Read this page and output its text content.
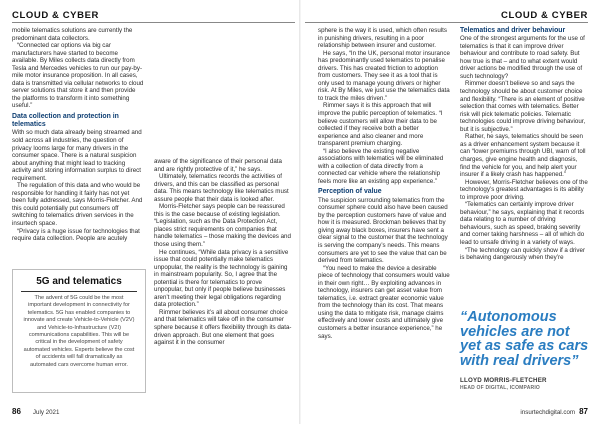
CLOUD & CYBER	CLOUD & CYBER

mobile telematics solutions are currently the predominant data collectors.

“Connected car options via big car manufacturers have started to become available. By Miles collects data directly from Tesla and Mercedes vehicles to run our pay-by-mile motor insurance proposition. In all cases, data is transmitted via cellular networks to cloud server solutions that store it and then provide the platforms to transform it into something useful.”

Data collection and protection in telematics

With so much data already being streamed and sold across all industries, the question of privacy looms large for many drivers in the consumer space. There is a natural suspicion about anything that might lead to tracking activity and storing information surplus to direct requirement.

The regulation of this data and who would be responsible for handling it fairly has not yet been fully addressed, says Morris-Fletcher. And this could potentially put consumers off switching to telematics driven services in the insurtech space.

“Privacy is a huge issue for technologies that require data collection. People are acutely

5G and telematics

The advent of 5G could be the most important development in connectivity for telematics. 5G has enabled companies to innovate and create Vehicle-to-Vehicle (V2V) and Vehicle-to-Infrastructure (V2I) communications capabilities. This will be critical in the development of safety automated vehicles. Experts believe the cost of accidents will fall dramatically as automated cars overcome human error.

aware of the significance of their personal data and are rightly protective of it,” he says.

Ultimately, telematics records the activities of drivers, and this can be classified as personal data. This means technology like telematics must assure people that their data is looked after.

Morris-Fletcher says people can be reassured this is the case because of existing legislation. “Legislation, such as the Data Protection Act, places strict requirements on companies that handle telematics – those making the devices and those using them.”

He continues, “While data privacy is a sensitive issue that could potentially make telematics unpopular, the reality is the technology is gaining in mainstream popularity. So, I agree that the potential is there for telematics to prove unpopular, but only if people believe businesses aren’t meeting their legal obligations regarding data protection.”

Rimmer believes it’s all about consumer choice and that telematics will take off in the consumer sphere because it offers flexibility through its data-driven approach. But one element that goes against it in the consumer

sphere is the way it is used, which often results in punishing drivers, resulting in a poor relationship between insurer and customer.

He says, “In the UK, personal motor insurance has predominantly used telematics to penalise drivers. This has created friction to adoption from customers. They see it as a tool that is only used to manage young drivers or higher risk. At By Miles, we just use the telematics data to track the miles driven.”

Rimmer says it is this approach that will improve the public perception of telematics. “I believe customers will allow their data to be collected if they receive both a better experience and also cleaner and more transparent premium charging.

“I also believe the existing negative associations with telematics will be eliminated with a collection of data directly from a connected car vehicle where the relationship feels more like an existing app experience.”

Perception of value

The suspicion surrounding telematics from the consumer sphere could also have been caused by the perception customers have of value and how it is measured. Brockman believes that by giving away black boxes, insurers have sent a clear signal to the customer that the technology is serving the company’s needs. This means consumers are yet to see the value that can be derived from telematics.

“You need to make the device a desirable piece of technology that consumers would value in their own right… By exploiting advances in technology, insurers can get asset value from telematics, i.e. extract greater economic value from the technology than its cost. That means using the data to mitigate risk, manage claims effectively and lower costs and ultimately give customers a better insurance experience,” he says.

Telematics and driver behaviour

One of the strongest arguments for the use of telematics is that it can improve driver behaviour and contribute to road safety. But how true is that – and to what extent would driver actions be modified through the use of such technology?

Rimmer doesn’t believe so and says the technology should be about customer choice and flexibility. “There is an element of positive selection that comes with telematics. Better risk will pick telematic policies. Telematic technologies could improve driving behaviour, but it is subjective.”

Rather, he says, telematics should be seen as a driver enhancement system because it can “lower premiums through UBI, warn of toll charges, give engine health and diagnosis, find the vehicle for you, and help alert your insurer if a likely crash has happened.”

However, Morris-Fletcher believes one of the technology’s greatest advantages is its ability to improve poor driving.

“Telematics can certainly improve driver behaviour,” he says, explaining that it records data relating to a number of driving behaviours, such as speed, braking severity and corner taking harshness – all of which do lead to unsafe driving in a variety of ways.

“The technology can quickly show if a driver is behaving dangerously when they’re

“Autonomous vehicles are not yet as safe as cars with real drivers”
LLOYD MORRIS-FLETCHER
HEAD OF DIGITAL, ICOMPARIO
86 July 2021	insurtechdigital.com 87
